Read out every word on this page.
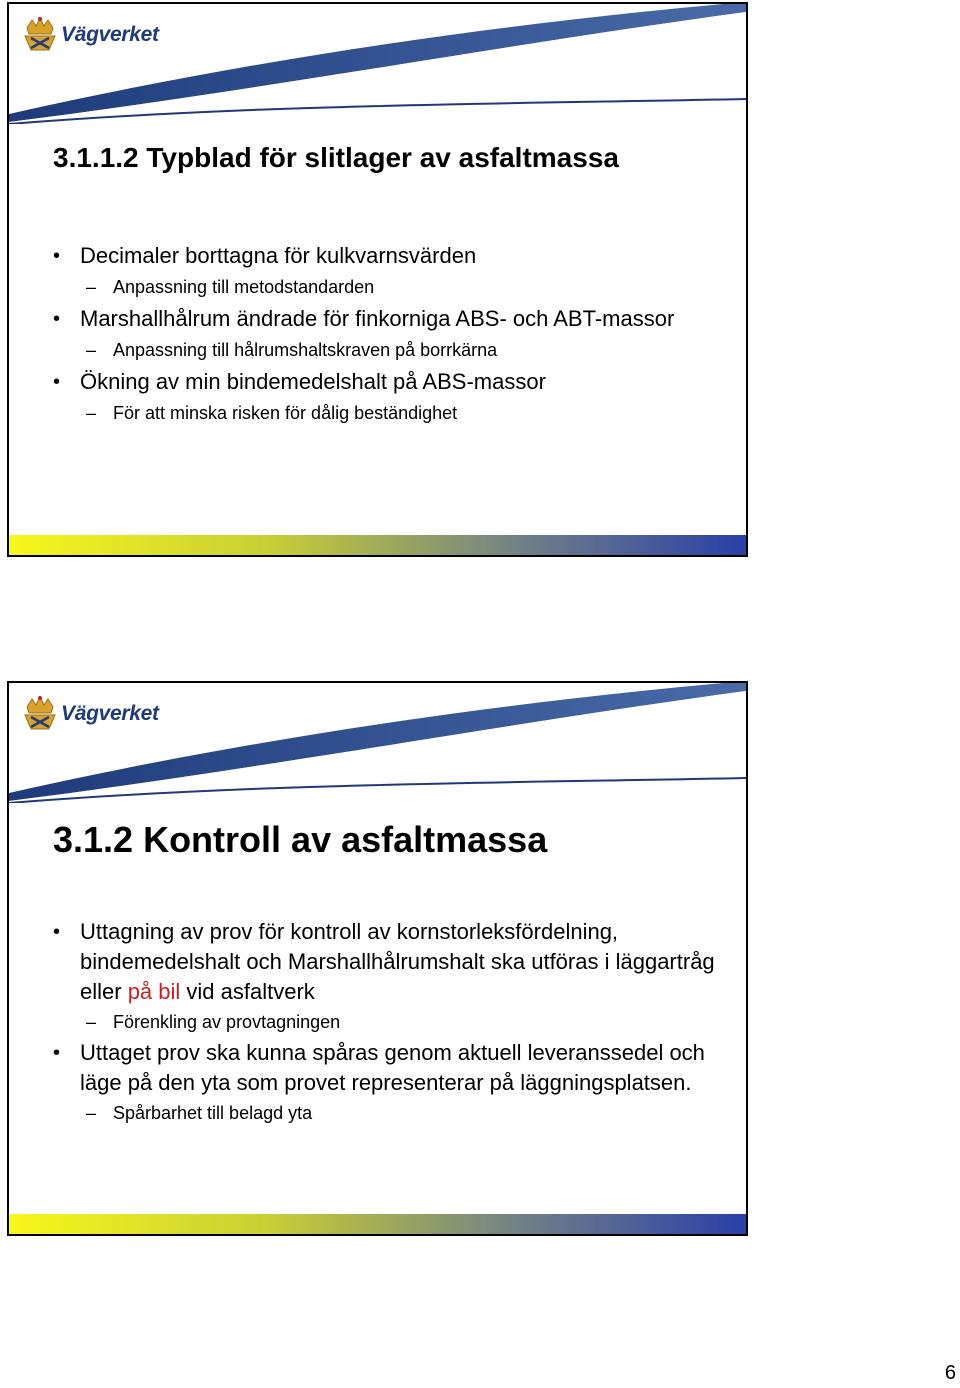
Vägverket
3.1.1.2 Typblad för slitlager av asfaltmassa

• Decimaler borttagna för kulkvarnsvärden

– Anpassning till metodstandarden

• Marshallhålrum ändrade för finkorniga ABS- och ABT-massor

– Anpassning till hålrumshaltskraven på borrkärna

• Ökning av min bindemedelshalt på ABS-massor

– För att minska risken för dålig beständighet

Vägverket
3.1.2 Kontroll av asfaltmassa

• Uttagning av prov för kontroll av kornstorleksfördelning, bindemedelshalt och Marshallhålrumshalt ska utföras i läggartråg eller på bil vid asfaltverk

– Förenkling av provtagningen

• Uttaget prov ska kunna spåras genom aktuell leveranssedel och läge på den yta som provet representerar på läggningsplatsen.

– Spårbarhet till belagd yta

6
